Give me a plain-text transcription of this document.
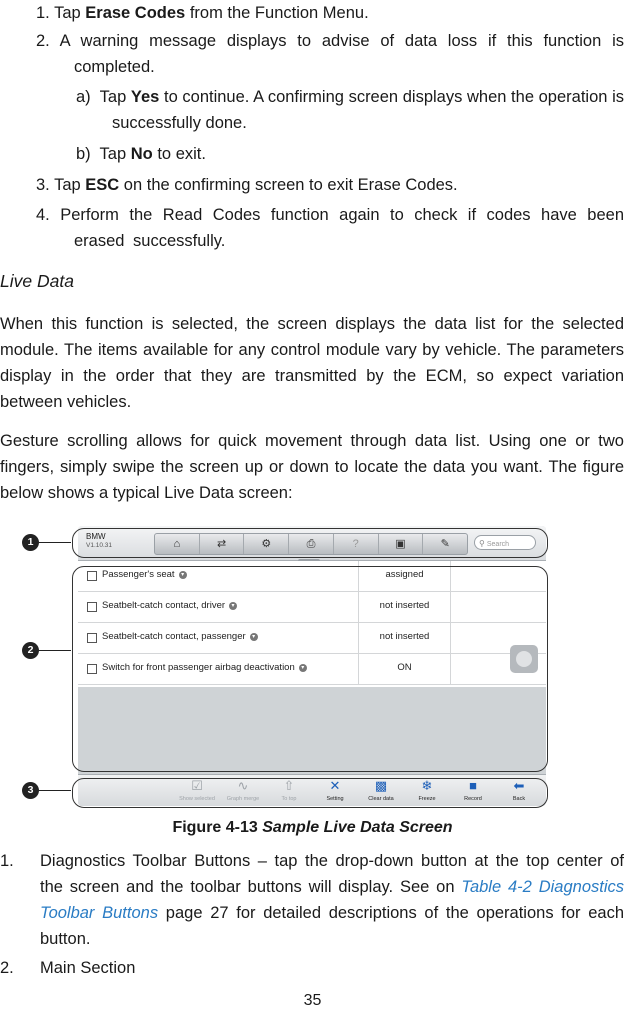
1. Tap Erase Codes from the Function Menu.
2. A warning message displays to advise of data loss if this function is completed.
a) Tap Yes to continue. A confirming screen displays when the operation is successfully done.
b) Tap No to exit.
3. Tap ESC on the confirming screen to exit Erase Codes.
4. Perform the Read Codes function again to check if codes have been erased successfully.
Live Data
When this function is selected, the screen displays the data list for the selected module. The items available for any control module vary by vehicle. The parameters display in the order that they are transmitted by the ECM, so expect variation between vehicles.
Gesture scrolling allows for quick movement through data list. Using one or two fingers, simply swipe the screen up or down to locate the data you want. The figure below shows a typical Live Data screen:
1
2
3
BMW
V1.10.31	⌂	⇄	⚙	⎙	?	▣	✎	⚲ Search
Passenger's seat ▾	assigned
Seatbelt-catch contact, driver ▾	not inserted
Seatbelt-catch contact, passenger ▾	not inserted
Switch for front passenger airbag deactivation ▾	ON
☑
Show selected
∿
Graph merge
⇧
To top
✕
Setting
▩
Clear data
❄
Freeze
■
Record
⬅
Back
Figure 4-13 Sample Live Data Screen
1.	Diagnostics Toolbar Buttons – tap the drop-down button at the top center of the screen and the toolbar buttons will display. See on Table 4-2 Diagnostics Toolbar Buttons page 27 for detailed descriptions of the operations for each button.
2.	Main Section
35
